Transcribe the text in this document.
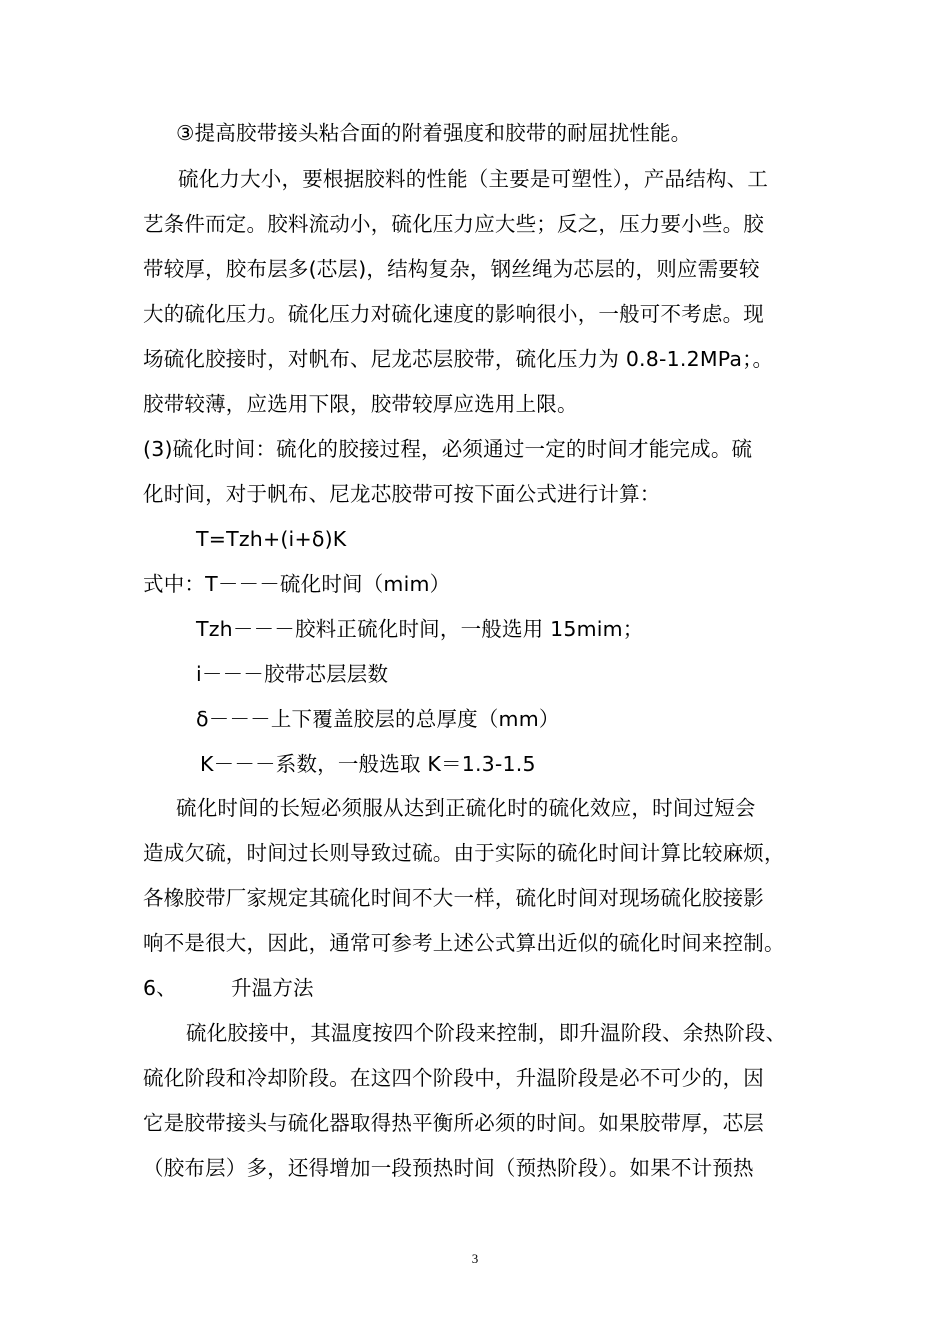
③提高胶带接头粘合面的附着强度和胶带的耐屈扰性能。
硫化力大小，要根据胶料的性能（主要是可塑性），产品结构、工
艺条件而定。胶料流动小，硫化压力应大些；反之，压力要小些。胶
带较厚，胶布层多(芯层)，结构复杂，钢丝绳为芯层的，则应需要较
大的硫化压力。硫化压力对硫化速度的影响很小，一般可不考虑。现
场硫化胶接时，对帆布、尼龙芯层胶带，硫化压力为 0.8-1.2MPa；。
胶带较薄，应选用下限，胶带较厚应选用上限。
(3)硫化时间：硫化的胶接过程，必须通过一定的时间才能完成。硫
化时间，对于帆布、尼龙芯胶带可按下面公式进行计算：
T=Tzh+(i+δ)K
式中：T－－－硫化时间（mim）
Tzh－－－胶料正硫化时间，一般选用 15mim；
i－－－胶带芯层层数
δ－－－上下覆盖胶层的总厚度（mm）
K－－－系数，一般选取 K＝1.3-1.5
硫化时间的长短必须服从达到正硫化时的硫化效应，时间过短会
造成欠硫，时间过长则导致过硫。由于实际的硫化时间计算比较麻烦，
各橡胶带厂家规定其硫化时间不大一样，硫化时间对现场硫化胶接影
响不是很大，因此，通常可参考上述公式算出近似的硫化时间来控制。
6、	升温方法
硫化胶接中，其温度按四个阶段来控制，即升温阶段、余热阶段、
硫化阶段和冷却阶段。在这四个阶段中，升温阶段是必不可少的，因
它是胶带接头与硫化器取得热平衡所必须的时间。如果胶带厚，芯层
（胶布层）多，还得增加一段预热时间（预热阶段）。如果不计预热
3
